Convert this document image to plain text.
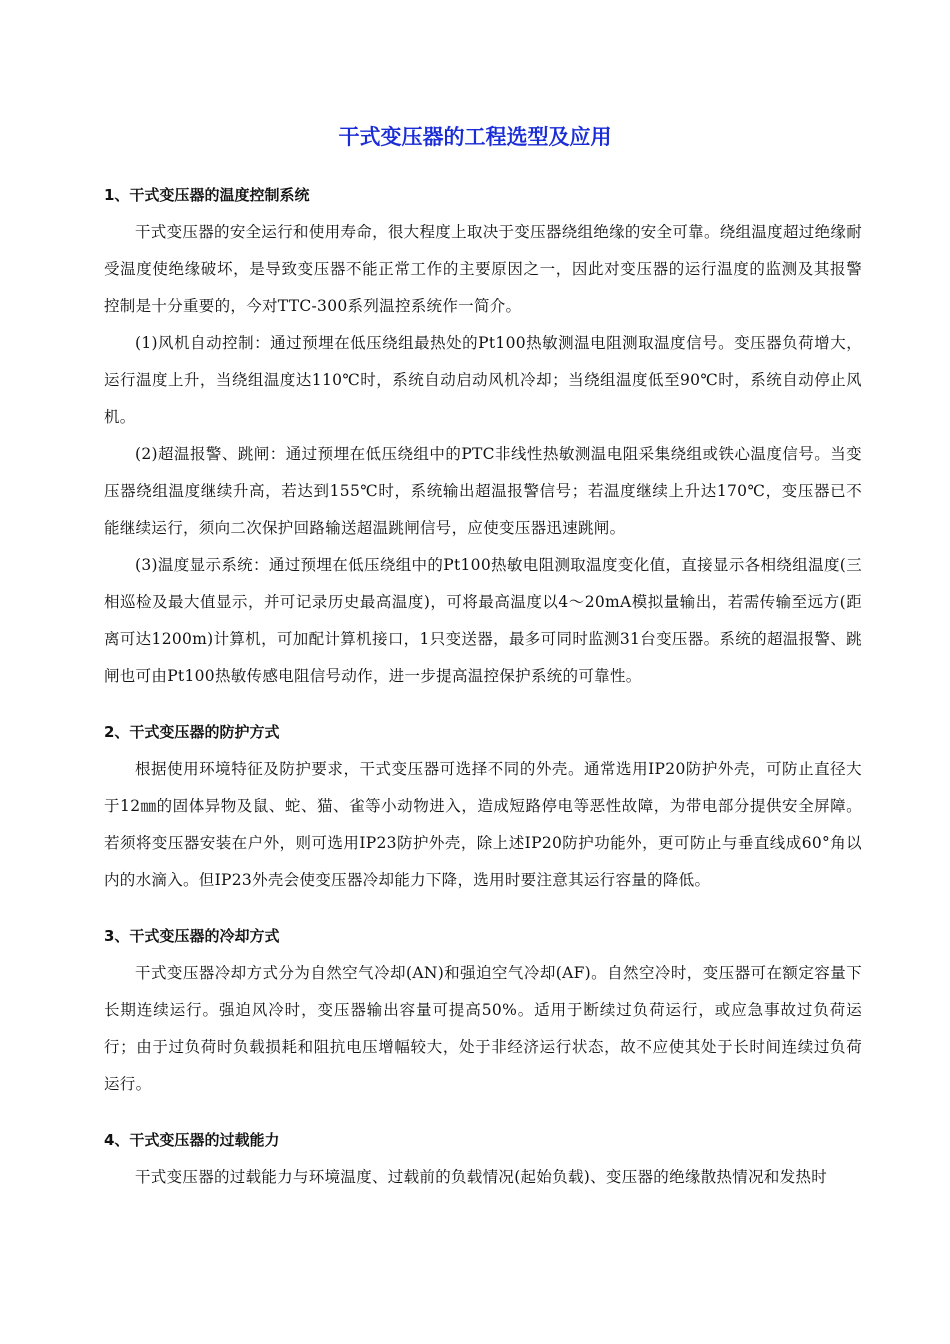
干式变压器的工程选型及应用
1、干式变压器的温度控制系统

干式变压器的安全运行和使用寿命，很大程度上取决于变压器绕组绝缘的安全可靠。绕组温度超过绝缘耐受温度使绝缘破坏，是导致变压器不能正常工作的主要原因之一，因此对变压器的运行温度的监测及其报警控制是十分重要的，今对TTC-300系列温控系统作一简介。

(1)风机自动控制：通过预埋在低压绕组最热处的Pt100热敏测温电阻测取温度信号。变压器负荷增大，运行温度上升，当绕组温度达110℃时，系统自动启动风机冷却；当绕组温度低至90℃时，系统自动停止风机。

(2)超温报警、跳闸：通过预埋在低压绕组中的PTC非线性热敏测温电阻采集绕组或铁心温度信号。当变压器绕组温度继续升高，若达到155℃时，系统输出超温报警信号；若温度继续上升达170℃，变压器已不能继续运行，须向二次保护回路输送超温跳闸信号，应使变压器迅速跳闸。

(3)温度显示系统：通过预埋在低压绕组中的Pt100热敏电阻测取温度变化值，直接显示各相绕组温度(三相巡检及最大值显示，并可记录历史最高温度)，可将最高温度以4～20mA模拟量输出，若需传输至远方(距离可达1200m)计算机，可加配计算机接口，1只变送器，最多可同时监测31台变压器。系统的超温报警、跳闸也可由Pt100热敏传感电阻信号动作，进一步提高温控保护系统的可靠性。

2、干式变压器的防护方式

根据使用环境特征及防护要求，干式变压器可选择不同的外壳。通常选用IP20防护外壳，可防止直径大于12㎜的固体异物及鼠、蛇、猫、雀等小动物进入，造成短路停电等恶性故障，为带电部分提供安全屏障。若须将变压器安装在户外，则可选用IP23防护外壳，除上述IP20防护功能外，更可防止与垂直线成60°角以内的水滴入。但IP23外壳会使变压器冷却能力下降，选用时要注意其运行容量的降低。

3、干式变压器的冷却方式

干式变压器冷却方式分为自然空气冷却(AN)和强迫空气冷却(AF)。自然空冷时，变压器可在额定容量下长期连续运行。强迫风冷时，变压器输出容量可提高50%。适用于断续过负荷运行，或应急事故过负荷运行；由于过负荷时负载损耗和阻抗电压增幅较大，处于非经济运行状态，故不应使其处于长时间连续过负荷运行。

4、干式变压器的过载能力

干式变压器的过载能力与环境温度、过载前的负载情况(起始负载)、变压器的绝缘散热情况和发热时
